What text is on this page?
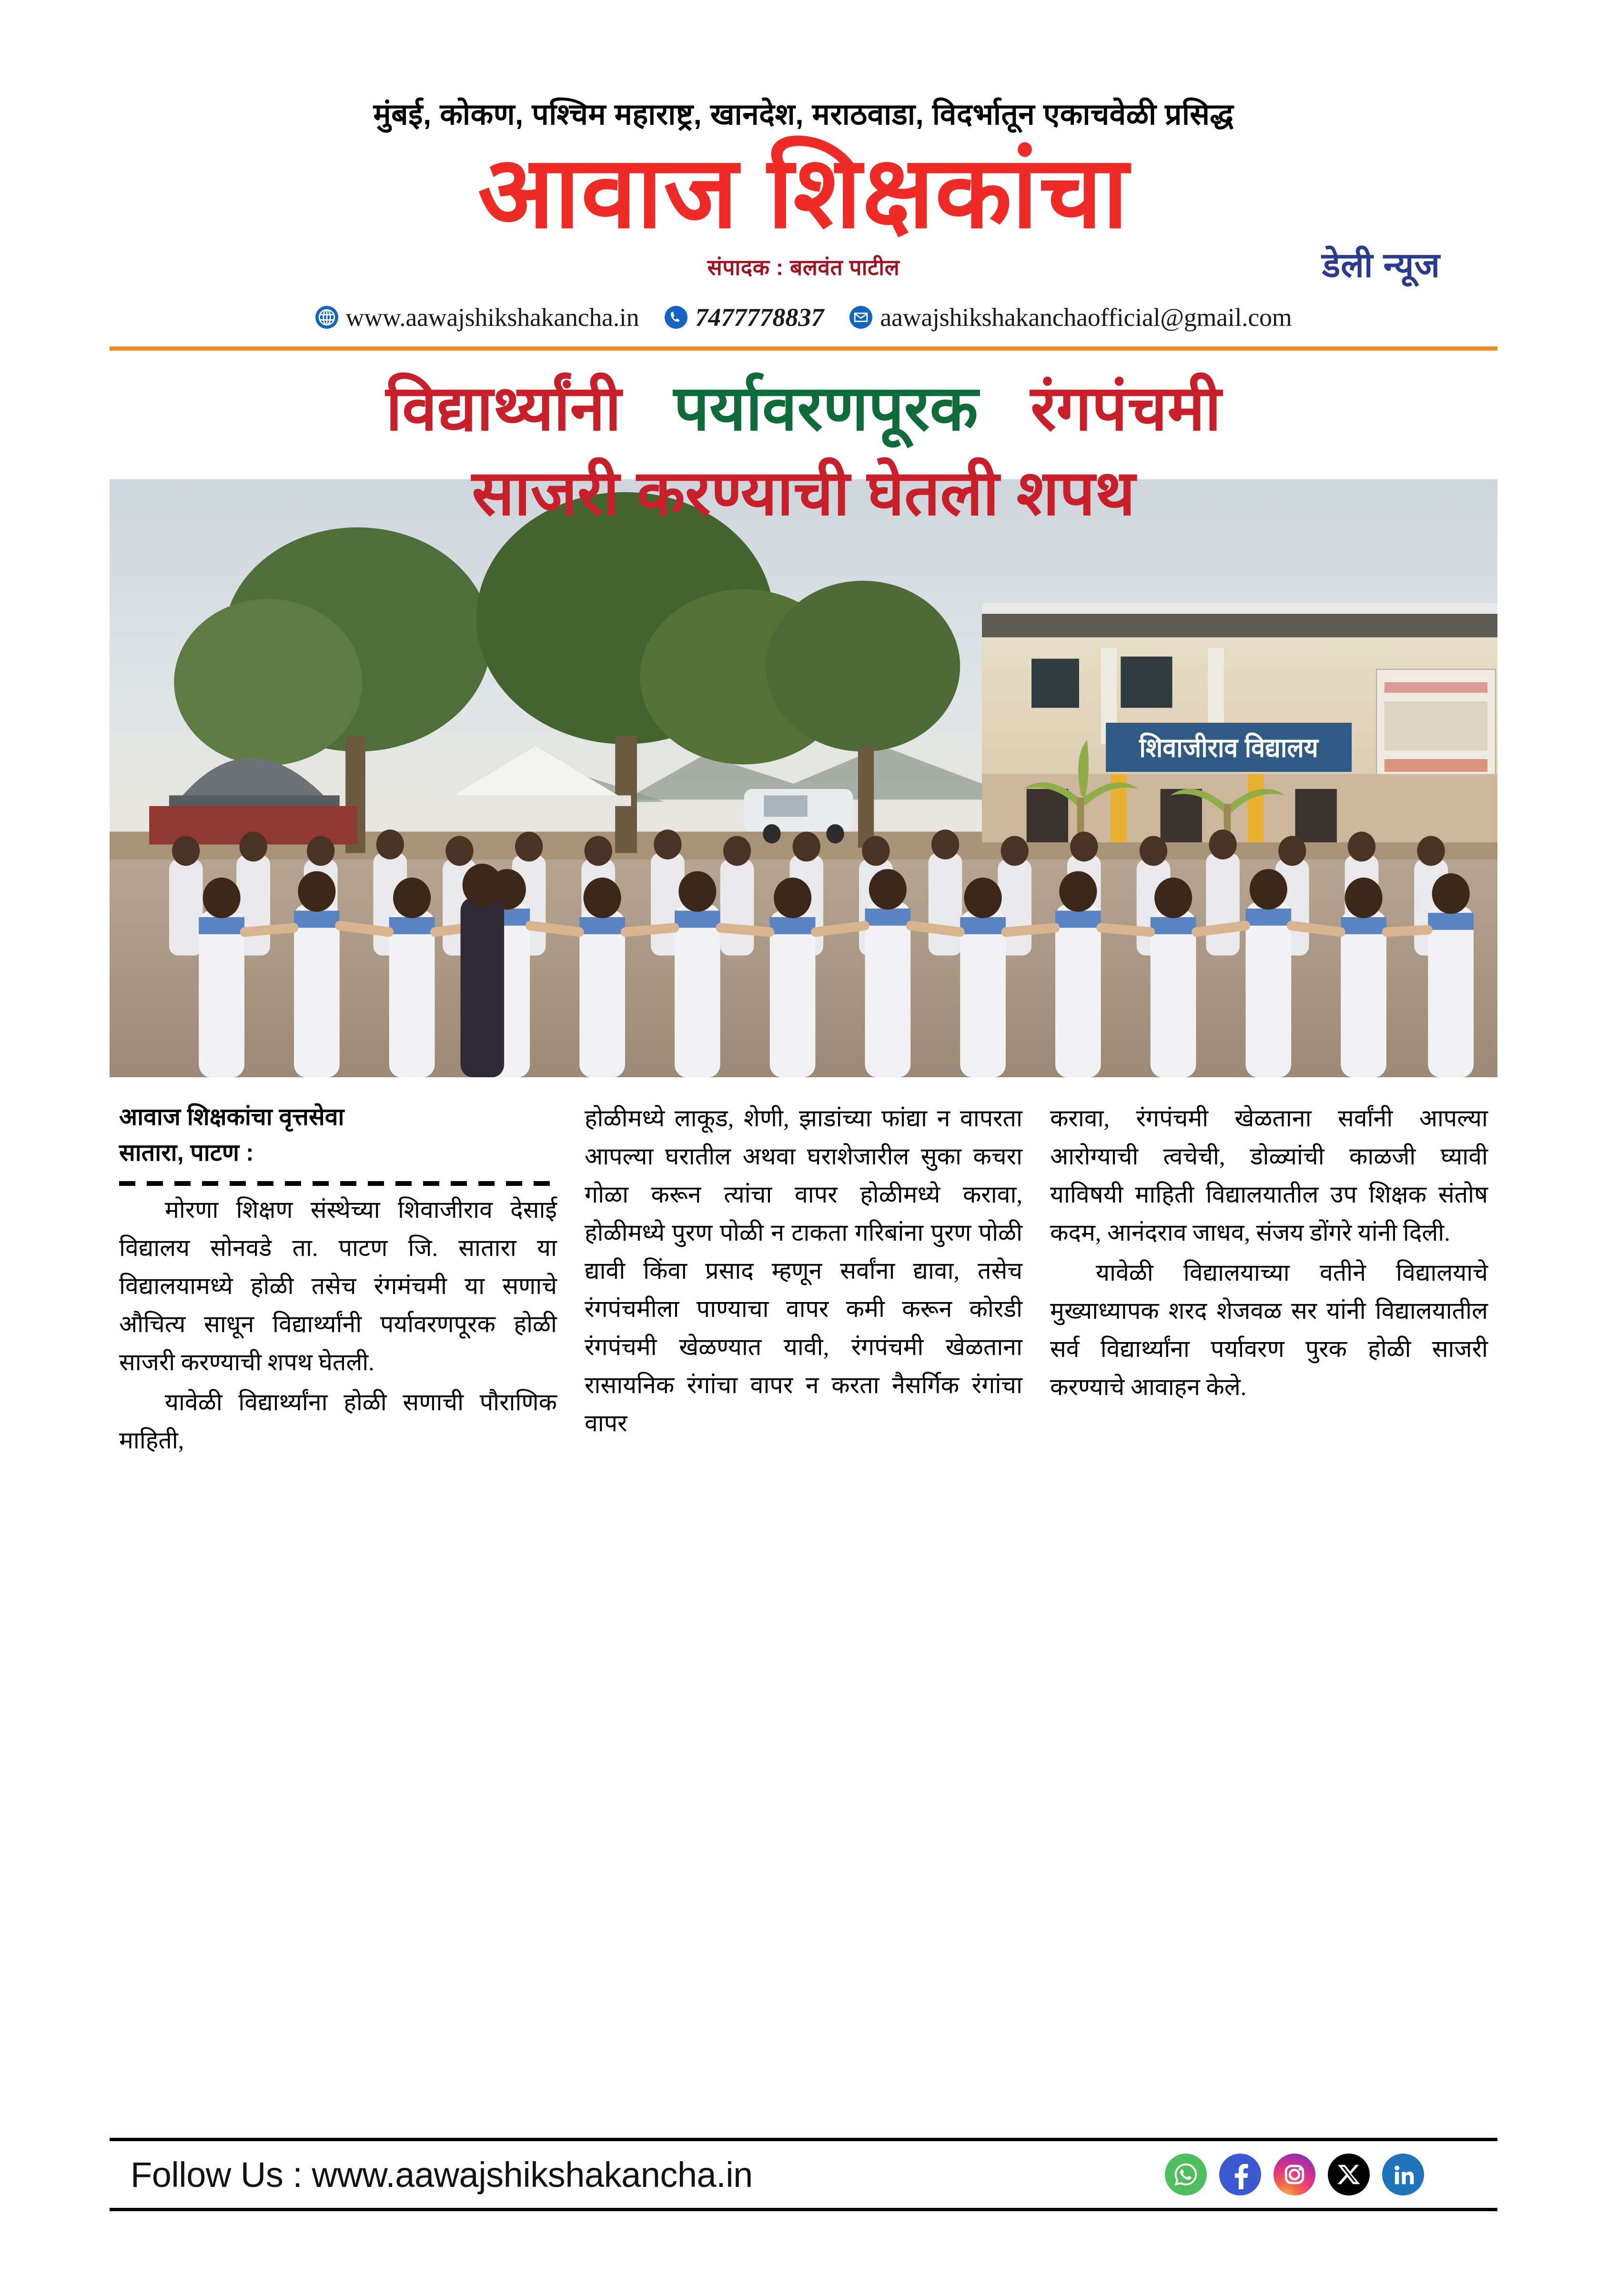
मुंबई, कोकण, पश्चिम महाराष्ट्र, खानदेश, मराठवाडा, विदर्भातून एकाचवेळी प्रसिद्ध
आवाज शिक्षकांचा
संपादक : बलवंत पाटील	डेली न्यूज
www.aawajshikshakancha.in 7477778837 aawajshikshakanchaofficial@gmail.com
विद्यार्थ्यांनी पर्यावरणपूरक रंगपंचमी
साजरी करण्याची घेतली शपथ
शिवाजीराव विद्यालय
आवाज शिक्षकांचा वृत्तसेवा
सातारा, पाटण :

मोरणा शिक्षण संस्थेच्या शिवाजीराव देसाई विद्यालय सोनवडे ता. पाटण जि. सातारा या विद्यालयामध्ये होळी तसेच रंगमंचमी या सणाचे औचित्य साधून विद्यार्थ्यांनी पर्यावरणपूरक होळी साजरी करण्याची शपथ घेतली.

यावेळी विद्यार्थ्यांना होळी सणाची पौराणिक माहिती,

होळीमध्ये लाकूड, शेणी, झाडांच्या फांद्या न वापरता आपल्या घरातील अथवा घराशेजारील सुका कचरा गोळा करून त्यांचा वापर होळीमध्ये करावा, होळीमध्ये पुरण पोळी न टाकता गरिबांना पुरण पोळी द्यावी किंवा प्रसाद म्हणून सर्वांना द्यावा, तसेच रंगपंचमीला पाण्याचा वापर कमी करून कोरडी रंगपंचमी खेळण्यात यावी, रंगपंचमी खेळताना रासायनिक रंगांचा वापर न करता नैसर्गिक रंगांचा वापर

करावा, रंगपंचमी खेळताना सर्वांनी आपल्या आरोग्याची त्वचेची, डोळ्यांची काळजी घ्यावी याविषयी माहिती विद्यालयातील उप शिक्षक संतोष कदम, आनंदराव जाधव, संजय डोंगरे यांनी दिली.

यावेळी विद्यालयाच्या वतीने विद्यालयाचे मुख्याध्यापक शरद शेजवळ सर यांनी विद्यालयातील सर्व विद्यार्थ्यांना पर्यावरण पुरक होळी साजरी करण्याचे आवाहन केले.

Follow Us : www.aawajshikshakancha.in
